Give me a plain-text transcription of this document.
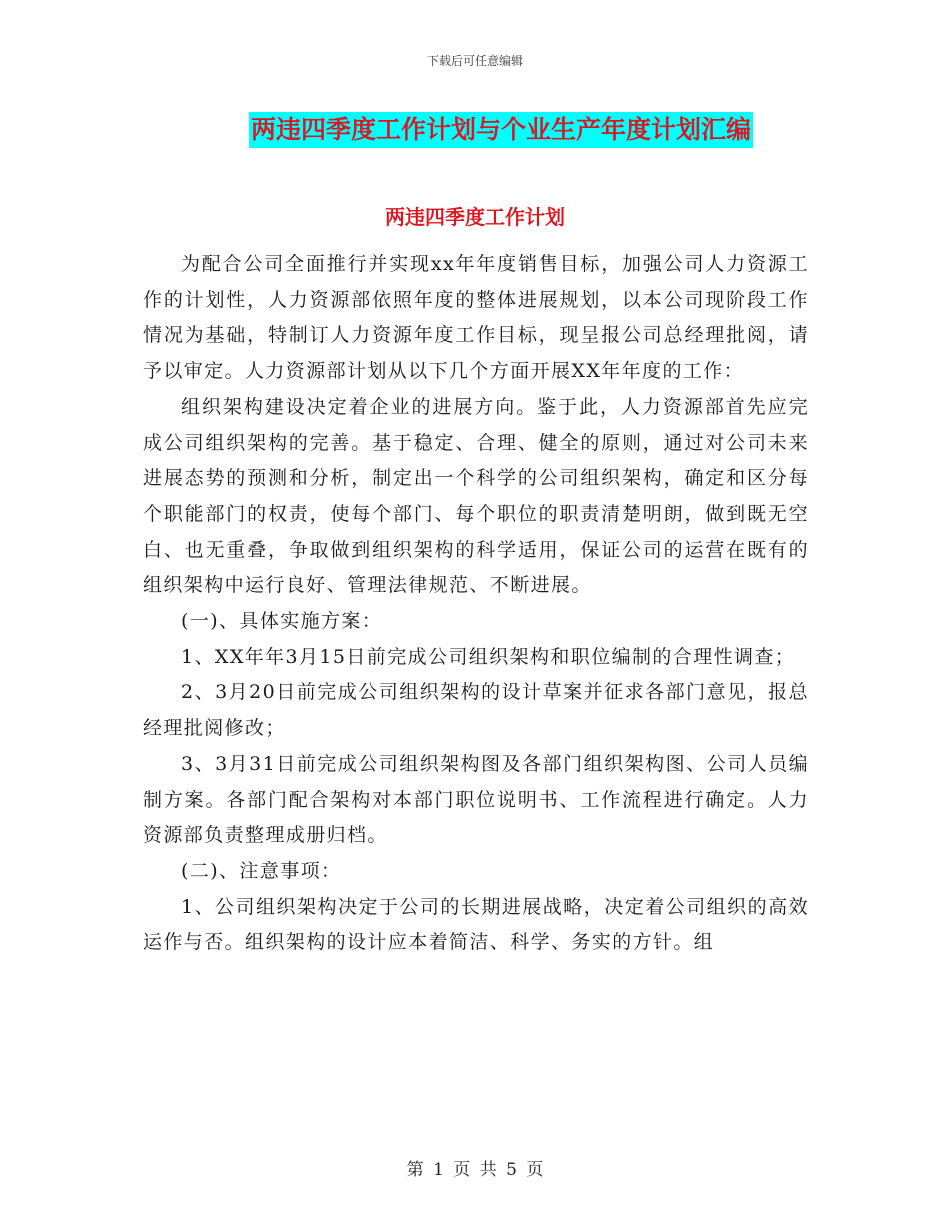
下载后可任意编辑
两违四季度工作计划与个业生产年度计划汇编
两违四季度工作计划

为配合公司全面推行并实现xx年年度销售目标，加强公司人力资源工作的计划性，人力资源部依照年度的整体进展规划，以本公司现阶段工作情况为基础，特制订人力资源年度工作目标，现呈报公司总经理批阅，请予以审定。人力资源部计划从以下几个方面开展XX年年度的工作：

组织架构建设决定着企业的进展方向。鉴于此，人力资源部首先应完成公司组织架构的完善。基于稳定、合理、健全的原则，通过对公司未来进展态势的预测和分析，制定出一个科学的公司组织架构，确定和区分每个职能部门的权责，使每个部门、每个职位的职责清楚明朗，做到既无空白、也无重叠，争取做到组织架构的科学适用，保证公司的运营在既有的组织架构中运行良好、管理法律规范、不断进展。

(一)、具体实施方案：

1、XX年年3月15日前完成公司组织架构和职位编制的合理性调查；

2、3月20日前完成公司组织架构的设计草案并征求各部门意见，报总经理批阅修改；

3、3月31日前完成公司组织架构图及各部门组织架构图、公司人员编制方案。各部门配合架构对本部门职位说明书、工作流程进行确定。人力资源部负责整理成册归档。

(二)、注意事项：

1、公司组织架构决定于公司的长期进展战略，决定着公司组织的高效运作与否。组织架构的设计应本着简洁、科学、务实的方针。组

第 1 页 共 5 页
